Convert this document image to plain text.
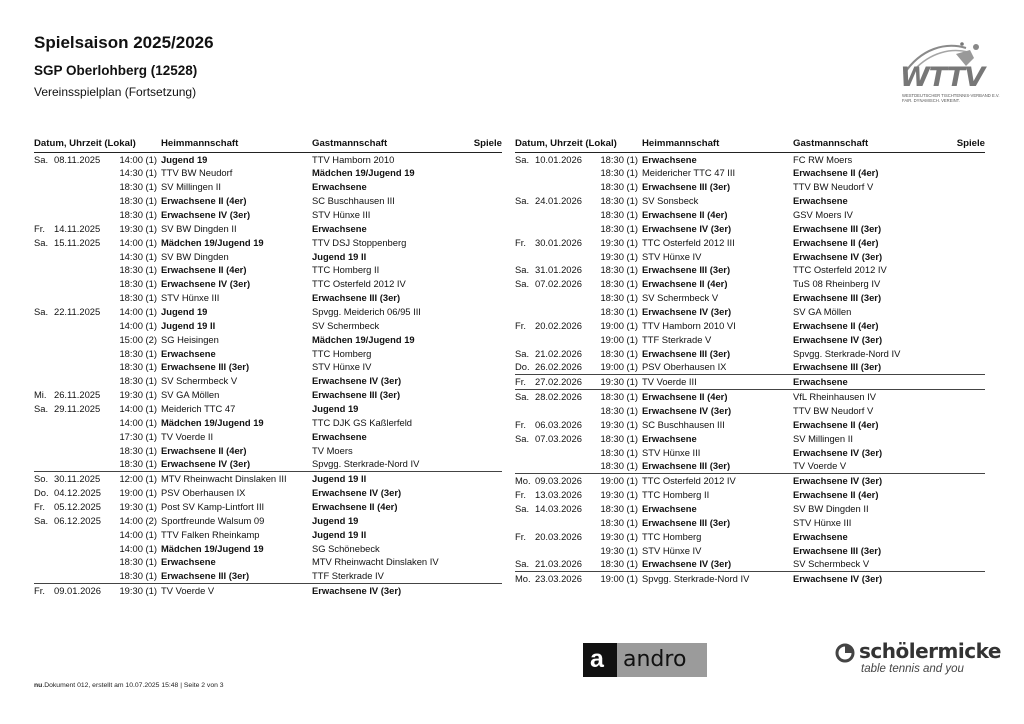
Spielsaison 2025/2026
SGP Oberlohberg (12528)
Vereinsspielplan (Fortsetzung)	WTTV
WESTDEUTSCHER TISCHTENNIS-VERBAND E.V.
FAIR. DYNAMISCH. VEREINT.
Datum, Uhrzeit (Lokal)			Heimmannschaft	Gastmannschaft	Spiele
Sa.	08.11.2025	14:00 (1)	Jugend 19	TTV Hamborn 2010	
		14:30 (1)	TTV BW Neudorf	Mädchen 19/Jugend 19	
		18:30 (1)	SV Millingen II	Erwachsene	
		18:30 (1)	Erwachsene II (4er)	SC Buschhausen III	
		18:30 (1)	Erwachsene IV (3er)	STV Hünxe III	
Fr.	14.11.2025	19:30 (1)	SV BW Dingden II	Erwachsene	
Sa.	15.11.2025	14:00 (1)	Mädchen 19/Jugend 19	TTV DSJ Stoppenberg	
		14:30 (1)	SV BW Dingden	Jugend 19 II	
		18:30 (1)	Erwachsene II (4er)	TTC Homberg II	
		18:30 (1)	Erwachsene IV (3er)	TTC Osterfeld 2012 IV	
		18:30 (1)	STV Hünxe III	Erwachsene III (3er)	
Sa.	22.11.2025	14:00 (1)	Jugend 19	Spvgg. Meiderich 06/95 III	
		14:00 (1)	Jugend 19 II	SV Schermbeck	
		15:00 (2)	SG Heisingen	Mädchen 19/Jugend 19	
		18:30 (1)	Erwachsene	TTC Homberg	
		18:30 (1)	Erwachsene III (3er)	STV Hünxe IV	
		18:30 (1)	SV Schermbeck V	Erwachsene IV (3er)	
Mi.	26.11.2025	19:30 (1)	SV GA Möllen	Erwachsene III (3er)	
Sa.	29.11.2025	14:00 (1)	Meiderich TTC 47	Jugend 19	
		14:00 (1)	Mädchen 19/Jugend 19	TTC DJK GS Kaßlerfeld	
		17:30 (1)	TV Voerde II	Erwachsene	
		18:30 (1)	Erwachsene II (4er)	TV Moers	
		18:30 (1)	Erwachsene IV (3er)	Spvgg. Sterkrade-Nord IV	
So.	30.11.2025	12:00 (1)	MTV Rheinwacht Dinslaken III	Jugend 19 II	
Do.	04.12.2025	19:00 (1)	PSV Oberhausen IX	Erwachsene IV (3er)	
Fr.	05.12.2025	19:30 (1)	Post SV Kamp-Lintfort III	Erwachsene II (4er)	
Sa.	06.12.2025	14:00 (2)	Sportfreunde Walsum 09	Jugend 19	
		14:00 (1)	TTV Falken Rheinkamp	Jugend 19 II	
		14:00 (1)	Mädchen 19/Jugend 19	SG Schönebeck	
		18:30 (1)	Erwachsene	MTV Rheinwacht Dinslaken IV	
		18:30 (1)	Erwachsene III (3er)	TTF Sterkrade IV	
Fr.	09.01.2026	19:30 (1)	TV Voerde V	Erwachsene IV (3er)	
Datum, Uhrzeit (Lokal)			Heimmannschaft	Gastmannschaft	Spiele
Sa.	10.01.2026	18:30 (1)	Erwachsene	FC RW Moers	
		18:30 (1)	Meidericher TTC 47 III	Erwachsene II (4er)	
		18:30 (1)	Erwachsene III (3er)	TTV BW Neudorf V	
Sa.	24.01.2026	18:30 (1)	SV Sonsbeck	Erwachsene	
		18:30 (1)	Erwachsene II (4er)	GSV Moers IV	
		18:30 (1)	Erwachsene IV (3er)	Erwachsene III (3er)	
Fr.	30.01.2026	19:30 (1)	TTC Osterfeld 2012 III	Erwachsene II (4er)	
		19:30 (1)	STV Hünxe IV	Erwachsene IV (3er)	
Sa.	31.01.2026	18:30 (1)	Erwachsene III (3er)	TTC Osterfeld 2012 IV	
Sa.	07.02.2026	18:30 (1)	Erwachsene II (4er)	TuS 08 Rheinberg IV	
		18:30 (1)	SV Schermbeck V	Erwachsene III (3er)	
		18:30 (1)	Erwachsene IV (3er)	SV GA Möllen	
Fr.	20.02.2026	19:00 (1)	TTV Hamborn 2010 VI	Erwachsene II (4er)	
		19:00 (1)	TTF Sterkrade V	Erwachsene IV (3er)	
Sa.	21.02.2026	18:30 (1)	Erwachsene III (3er)	Spvgg. Sterkrade-Nord IV	
Do.	26.02.2026	19:00 (1)	PSV Oberhausen IX	Erwachsene III (3er)	
Fr.	27.02.2026	19:30 (1)	TV Voerde III	Erwachsene	
Sa.	28.02.2026	18:30 (1)	Erwachsene II (4er)	VfL Rheinhausen IV	
		18:30 (1)	Erwachsene IV (3er)	TTV BW Neudorf V	
Fr.	06.03.2026	19:30 (1)	SC Buschhausen III	Erwachsene II (4er)	
Sa.	07.03.2026	18:30 (1)	Erwachsene	SV Millingen II	
		18:30 (1)	STV Hünxe III	Erwachsene IV (3er)	
		18:30 (1)	Erwachsene III (3er)	TV Voerde V	
Mo.	09.03.2026	19:00 (1)	TTC Osterfeld 2012 IV	Erwachsene IV (3er)	
Fr.	13.03.2026	19:30 (1)	TTC Homberg II	Erwachsene II (4er)	
Sa.	14.03.2026	18:30 (1)	Erwachsene	SV BW Dingden II	
		18:30 (1)	Erwachsene III (3er)	STV Hünxe III	
Fr.	20.03.2026	19:30 (1)	TTC Homberg	Erwachsene	
		19:30 (1)	STV Hünxe IV	Erwachsene III (3er)	
Sa.	21.03.2026	18:30 (1)	Erwachsene IV (3er)	SV Schermbeck V	
Mo.	23.03.2026	19:00 (1)	Spvgg. Sterkrade-Nord IV	Erwachsene IV (3er)	
a andro	schölermicke
table tennis and you
nu.Dokument 012, erstellt am 10.07.2025 15:48 | Seite 2 von 3
